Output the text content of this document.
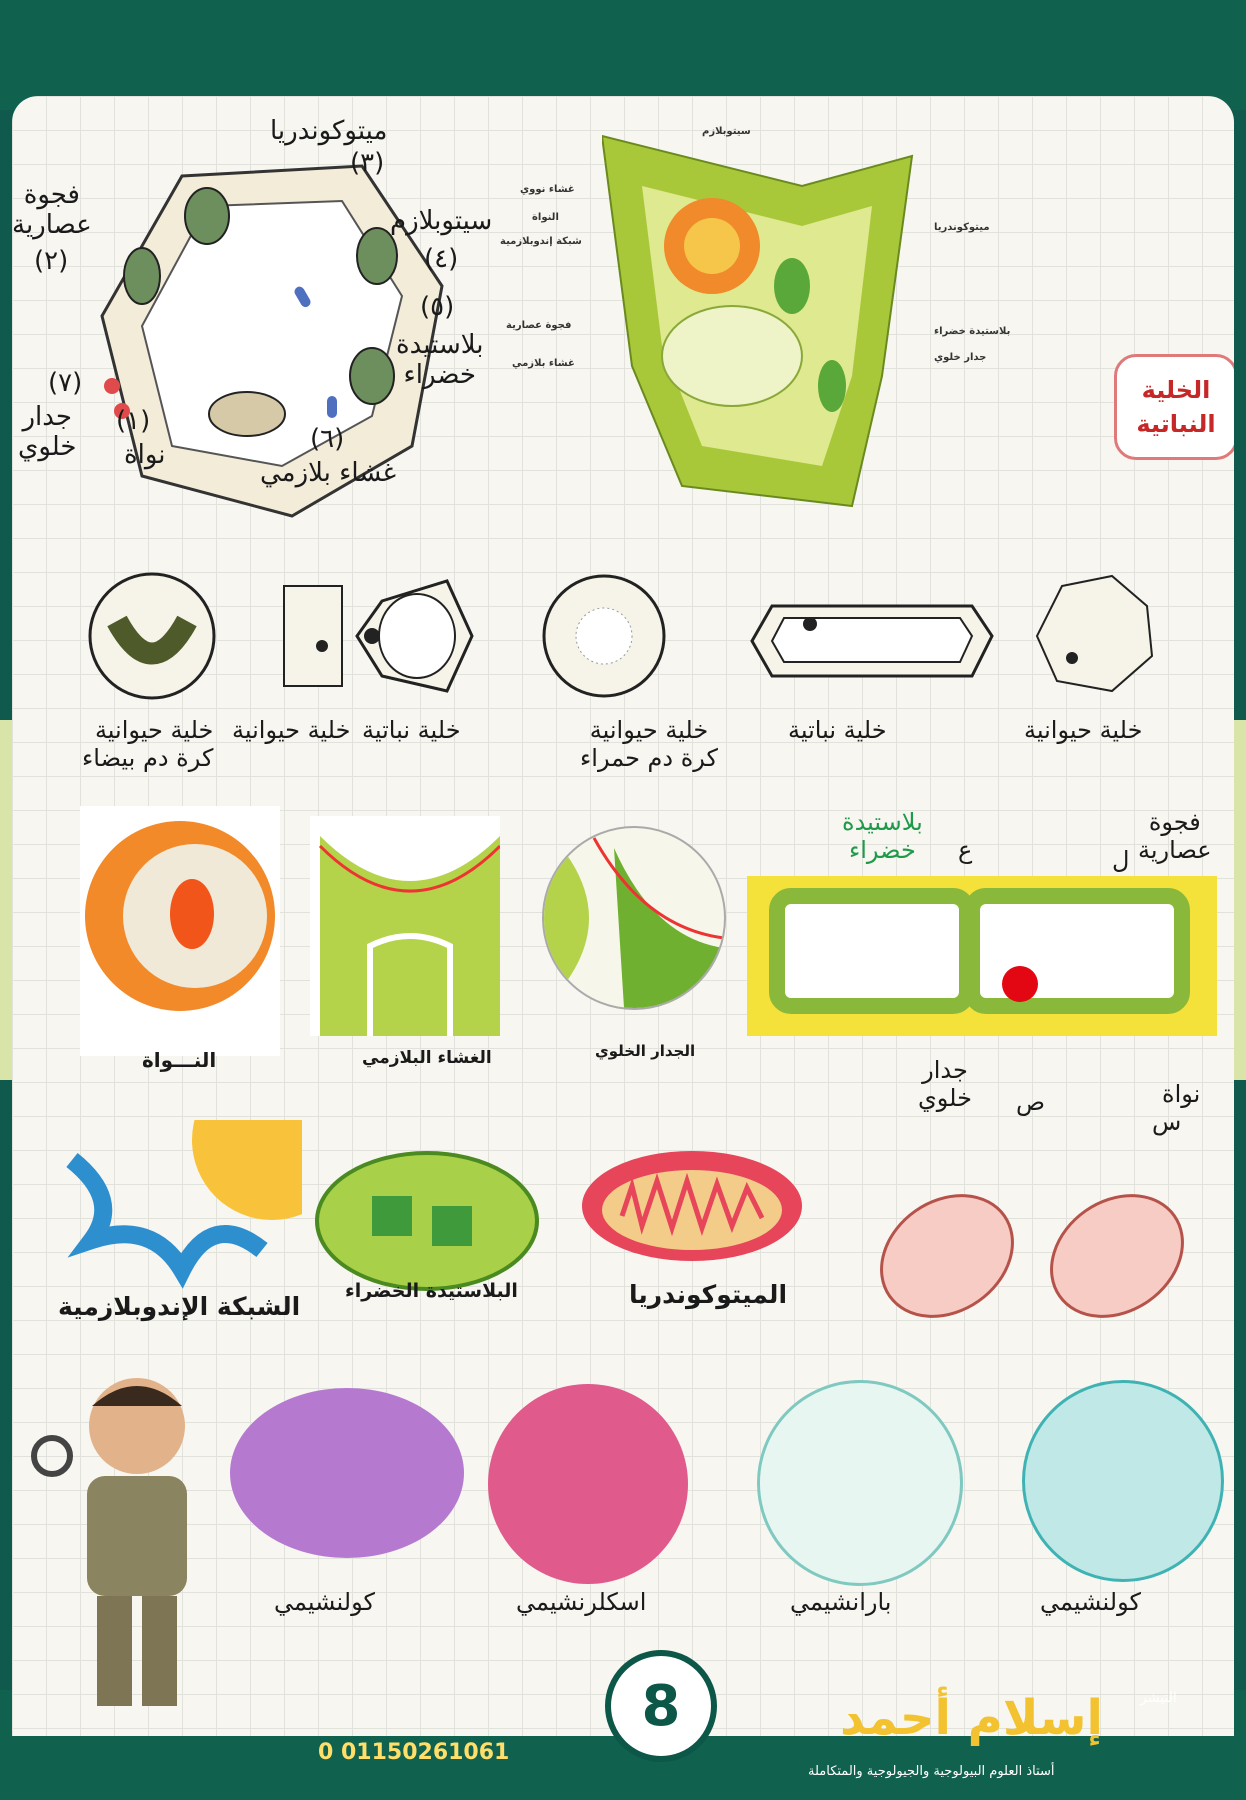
ميتوكوندريا
(٣)
فجوة
عصارية
(٢)
سيتوبلازم
(٤)
(٥)
بلاستيدة
خضراء
(٧)
جدار
خلوي
(١)
نواة
(٦)
غشاء بلازمي
سيتوبلازم
غشاء نووي
النواة
شبكة إندوبلازمية
ميتوكوندريا
فجوة عصارية
بلاستيدة خضراء
غشاء بلازمي
جدار خلوي
الخلية
النباتية
خلية حيوانية
كرة دم بيضاء
خلية حيوانية خلية نباتية	خلية حيوانية
كرة دم حمراء
خلية نباتية	خلية حيوانية
النـــواة	الغشاء البلازمي	الجدار الخلوي
بلاستيدة
خضراء ع
فجوة
عصارية
ل
جدار
خلوي ص	نواة
س
الشبكة الإندوبلازمية
البلاستيدة الخضراء	الميتوكوندريا
كولنشيمي	اسكلرنشيمي	بارانشيمي	كولنشيمي
8
0 01150261061
إسلام أحمد	التيشر
أستاذ العلوم البيولوجية والجيولوجية والمتكاملة
